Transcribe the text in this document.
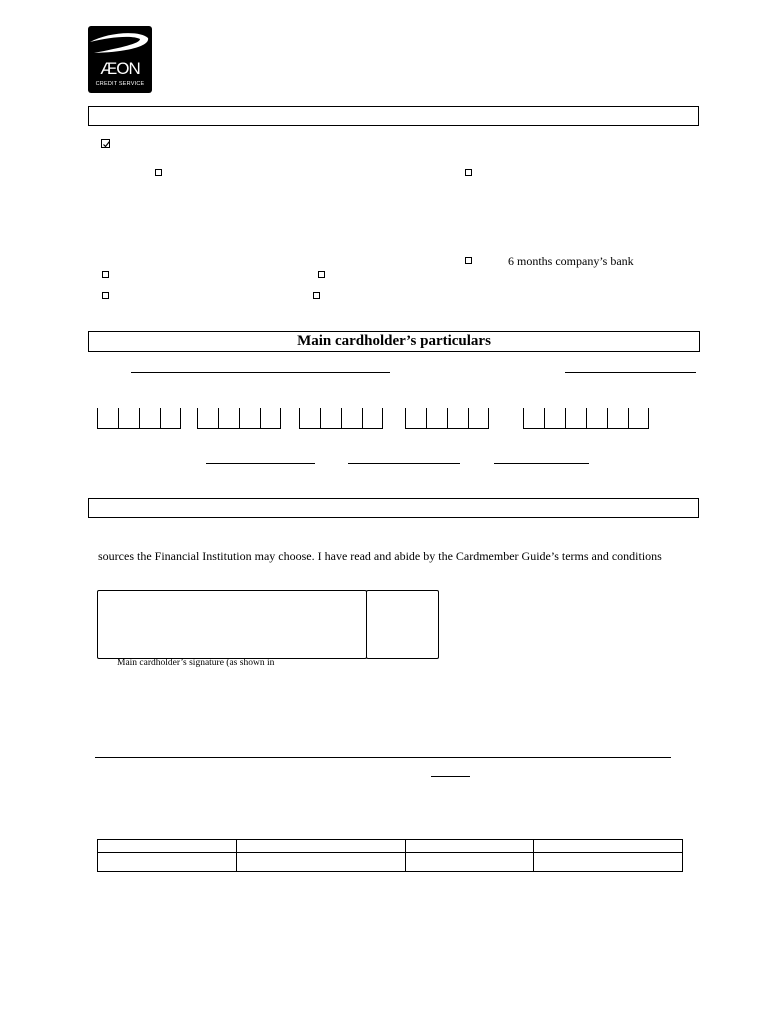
ÆON
CREDIT SERVICE
6 months company’s bank
Main cardholder’s particulars
sources the Financial Institution may choose. I have read and abide by the Cardmember Guide’s terms and conditions
Main cardholder’s signature (as shown in
